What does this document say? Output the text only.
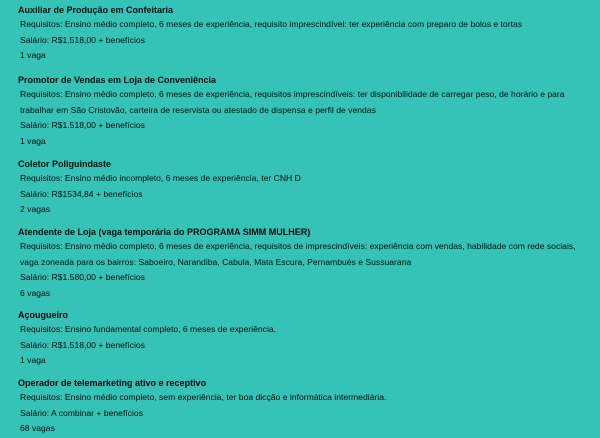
Auxiliar de Produção em Confeitaria
Requisitos: Ensino médio completo, 6 meses de experiência, requisito imprescindível: ter experiência com preparo de bolos e tortas
Salário: R$1.518,00 + benefícios
1 vaga
Promotor de Vendas em Loja de Conveniência
Requisitos: Ensino médio completo, 6 meses de experiência, requisitos imprescindíveis: ter disponibilidade de carregar peso, de horário e para trabalhar em São Cristovão, carteira de reservista ou atestado de dispensa e perfil de vendas
Salário: R$1.518,00 + benefícios
1 vaga
Coletor Poliguindaste
Requisitos: Ensino médio incompleto, 6 meses de experiência, ter CNH D
Salário: R$1534,84 + benefícios
2 vagas
Atendente de Loja (vaga temporária do PROGRAMA SIMM MULHER)
Requisitos: Ensino médio completo, 6 meses de experiência, requisitos de imprescindíveis: experiência com vendas, habilidade com rede sociais, vaga zoneada para os bairros: Saboeiro, Narandiba, Cabula, Mata Escura, Pernambués e Sussuarana
Salário: R$1.580,00 + benefícios
6 vagas
Açougueiro
Requisitos: Ensino fundamental completo, 6 meses de experiência.
Salário: R$1.518,00 + benefícios
1 vaga
Operador de telemarketing ativo e receptivo
Requisitos: Ensino médio completo, sem experiência, ter boa dicção e informática intermediária.
Salário: A combinar + benefícios
68 vagas
